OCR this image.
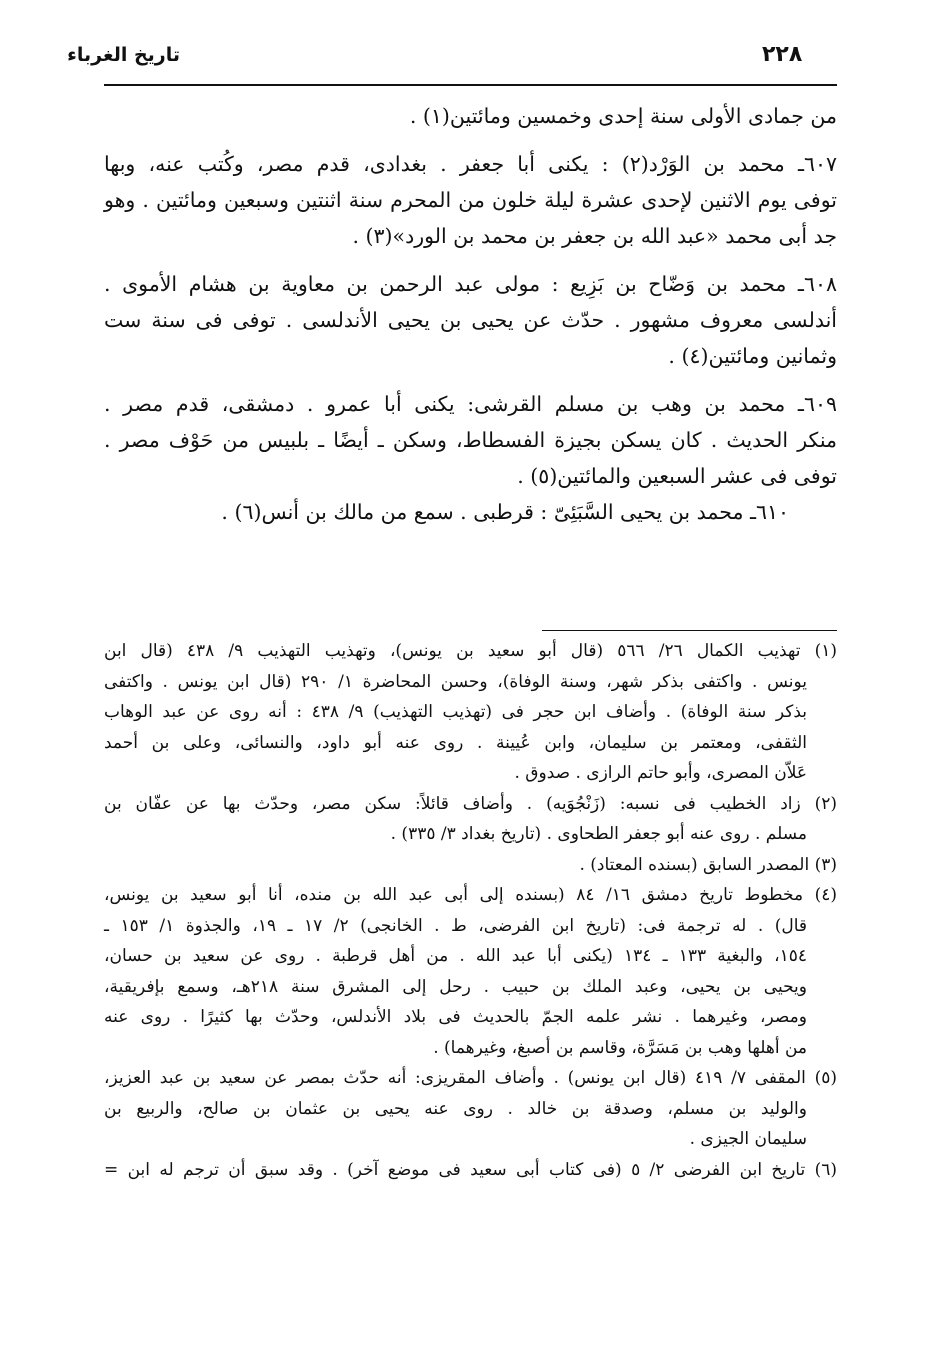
٢٢٨
تاريخ الغرباء
من جمادى الأولى سنة إحدى وخمسين ومائتين(١) .
٦٠٧ـ محمد بن الوَرْد(٢) : يكنى أبا جعفر . بغدادى، قدم مصر، وكُتب عنه، وبها
توفى يوم الاثنين لإحدى عشرة ليلة خلون من المحرم سنة اثنتين وسبعين ومائتين . وهو
جد أبى محمد «عبد الله بن جعفر بن محمد بن الورد»(٣) .
٦٠٨ـ محمد بن وَضّاح بن بَزِيع : مولى عبد الرحمن بن معاوية بن هشام الأموى .
أندلسى معروف مشهور . حدّث عن يحيى بن يحيى الأندلسى . توفى فى سنة ست
وثمانين ومائتين(٤) .
٦٠٩ـ محمد بن وهب بن مسلم القرشى: يكنى أبا عمرو . دمشقى، قدم مصر .
منكر الحديث . كان يسكن بجيزة الفسطاط، وسكن ـ أيضًا ـ بلبيس من حَوْف مصر .
توفى فى عشر السبعين والمائتين(٥) .
٦١٠ـ محمد بن يحيى السَّبَئِىّ : قرطبى . سمع من مالك بن أنس(٦) .
(١) تهذيب الكمال ٢٦/ ٥٦٦ (قال أبو سعيد بن يونس)، وتهذيب التهذيب ٩/ ٤٣٨ (قال ابن
يونس . واكتفى بذكر شهر، وسنة الوفاة)، وحسن المحاضرة ١/ ٢٩٠ (قال ابن يونس . واكتفى
بذكر سنة الوفاة) . وأضاف ابن حجر فى (تهذيب التهذيب) ٩/ ٤٣٨ : أنه روى عن عبد الوهاب
الثقفى، ومعتمر بن سليمان، وابن عُيينة . روى عنه أبو داود، والنسائى، وعلى بن أحمد
عَلاّن المصرى، وأبو حاتم الرازى . صدوق .
(٢) زاد الخطيب فى نسبه: (زَنْجُوَيه) . وأضاف قائلاً: سكن مصر، وحدّث بها عن عفّان بن
مسلم . روى عنه أبو جعفر الطحاوى . (تاريخ بغداد ٣/ ٣٣٥) .
(٣) المصدر السابق (بسنده المعتاد) .
(٤) مخطوط تاريخ دمشق ١٦/ ٨٤ (بسنده إلى أبى عبد الله بن منده، أنا أبو سعيد بن يونس،
قال) . له ترجمة فى: (تاريخ ابن الفرضى، ط . الخانجى) ٢/ ١٧ ـ ١٩، والجذوة ١/ ١٥٣ ـ
١٥٤، والبغية ١٣٣ ـ ١٣٤ (يكنى أبا عبد الله . من أهل قرطبة . روى عن سعيد بن حسان،
ويحيى بن يحيى، وعبد الملك بن حبيب . رحل إلى المشرق سنة ٢١٨هـ، وسمع بإفريقية،
ومصر، وغيرهما . نشر علمه الجمّ بالحديث فى بلاد الأندلس، وحدّث بها كثيرًا . روى عنه
من أهلها وهب بن مَسَرَّة، وقاسم بن أصبغ، وغيرهما) .
(٥) المقفى ٧/ ٤١٩ (قال ابن يونس) . وأضاف المقريزى: أنه حدّث بمصر عن سعيد بن عبد العزيز،
والوليد بن مسلم، وصدقة بن خالد . روى عنه يحيى بن عثمان بن صالح، والربيع بن
سليمان الجيزى .
(٦) تاريخ ابن الفرضى ٢/ ٥ (فى كتاب أبى سعيد فى موضع آخر) . وقد سبق أن ترجم له ابن =
